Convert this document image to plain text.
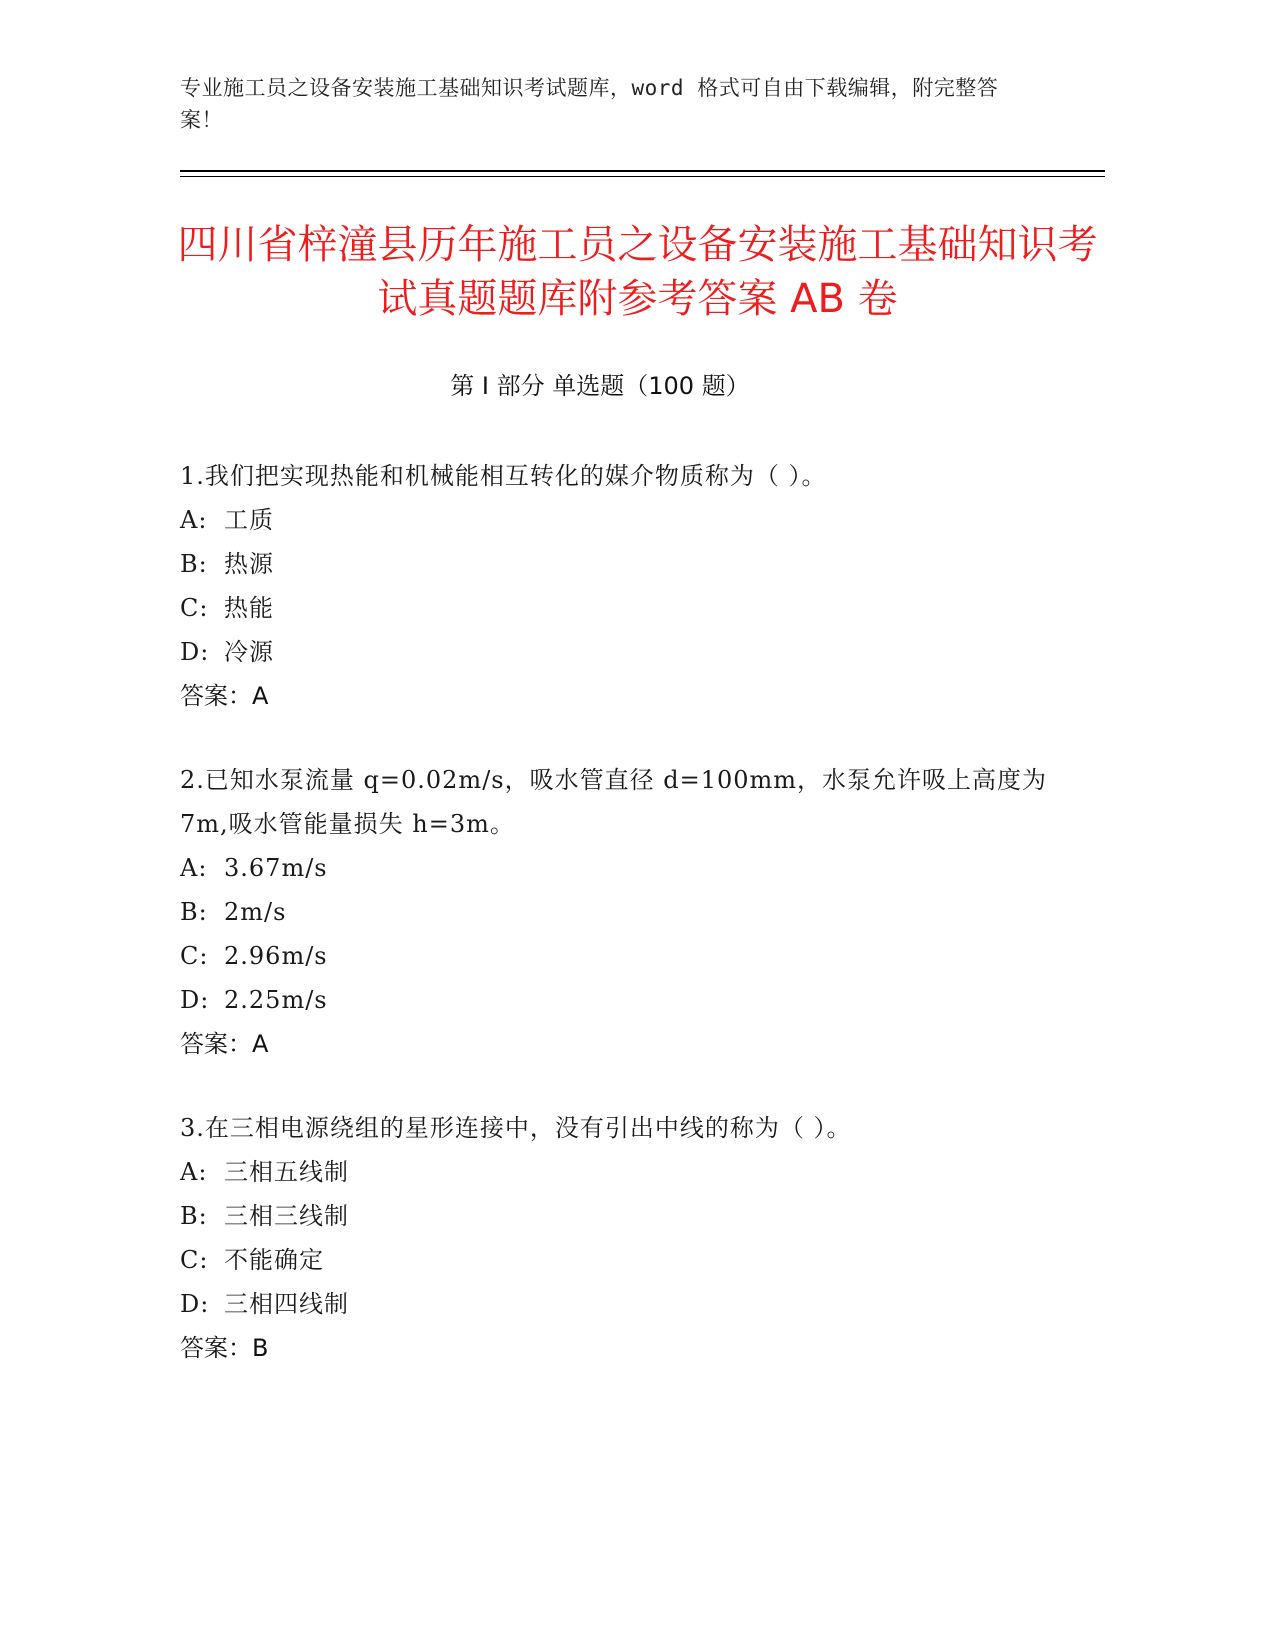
专业施工员之设备安装施工基础知识考试题库，word 格式可自由下载编辑，附完整答案！
四川省梓潼县历年施工员之设备安装施工基础知识考试真题题库附参考答案 AB 卷
第 I 部分 单选题（100 题）

1.我们把实现热能和机械能相互转化的媒介物质称为（ ）。

A: 工质

B: 热源

C: 热能

D: 冷源

答案：A

2.已知水泵流量 q=0.02m/s，吸水管直径 d=100mm，水泵允许吸上高度为 7m,吸水管能量损失 h=3m。

A: 3.67m/s

B: 2m/s

C: 2.96m/s

D: 2.25m/s

答案：A

3.在三相电源绕组的星形连接中，没有引出中线的称为（ ）。

A: 三相五线制

B: 三相三线制

C: 不能确定

D: 三相四线制

答案：B
